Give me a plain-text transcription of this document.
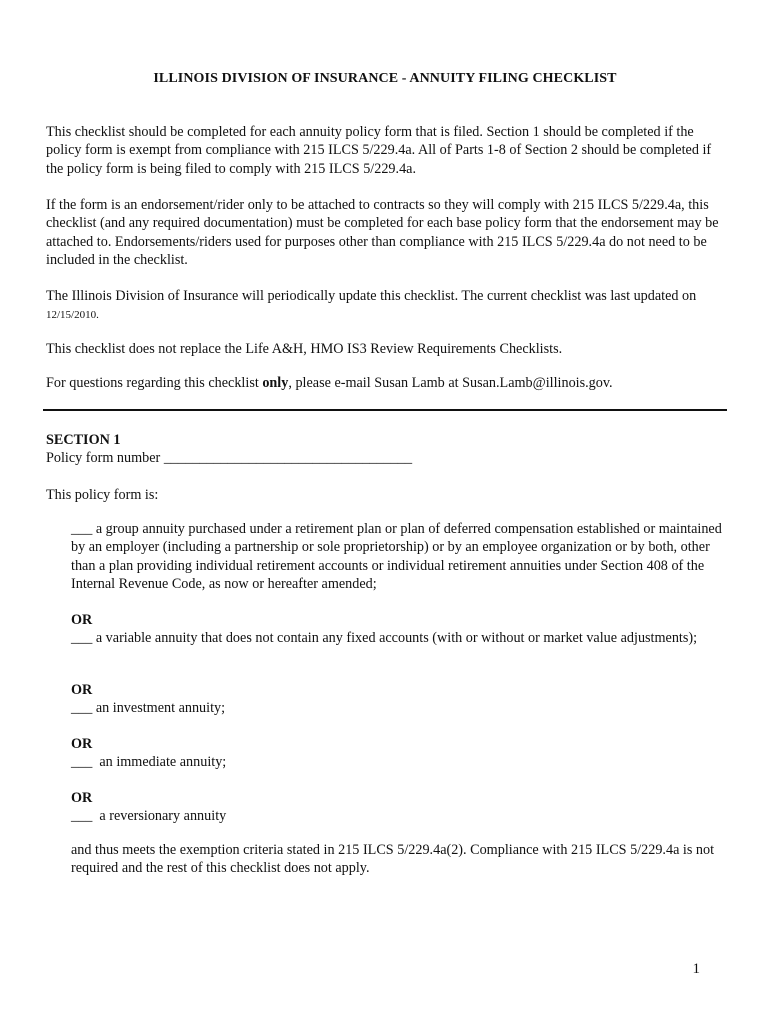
ILLINOIS DIVISION OF INSURANCE - ANNUITY FILING CHECKLIST

This checklist should be completed for each annuity policy form that is filed. Section 1 should be completed if the policy form is exempt from compliance with 215 ILCS 5/229.4a. All of Parts 1-8 of Section 2 should be completed if the policy form is being filed to comply with 215 ILCS 5/229.4a.

If the form is an endorsement/rider only to be attached to contracts so they will comply with 215 ILCS 5/229.4a, this checklist (and any required documentation) must be completed for each base policy form that the endorsement may be attached to. Endorsements/riders used for purposes other than compliance with 215 ILCS 5/229.4a do not need to be included in the checklist.

The Illinois Division of Insurance will periodically update this checklist. The current checklist was last updated on 12/15/2010.

This checklist does not replace the Life A&H, HMO IS3 Review Requirements Checklists.

For questions regarding this checklist only, please e-mail Susan Lamb at Susan.Lamb@illinois.gov.

SECTION 1
Policy form number ___________________________________

This policy form is:

___ a group annuity purchased under a retirement plan or plan of deferred compensation established or maintained by an employer (including a partnership or sole proprietorship) or by an employee organization or by both, other than a plan providing individual retirement accounts or individual retirement annuities under Section 408 of the Internal Revenue Code, as now or hereafter amended;

OR
___ a variable annuity that does not contain any fixed accounts (with or without or market value adjustments);

OR
___ an investment annuity;

OR
___  an immediate annuity;

OR
___  a reversionary annuity

and thus meets the exemption criteria stated in 215 ILCS 5/229.4a(2). Compliance with 215 ILCS 5/229.4a is not required and the rest of this checklist does not apply.

1
